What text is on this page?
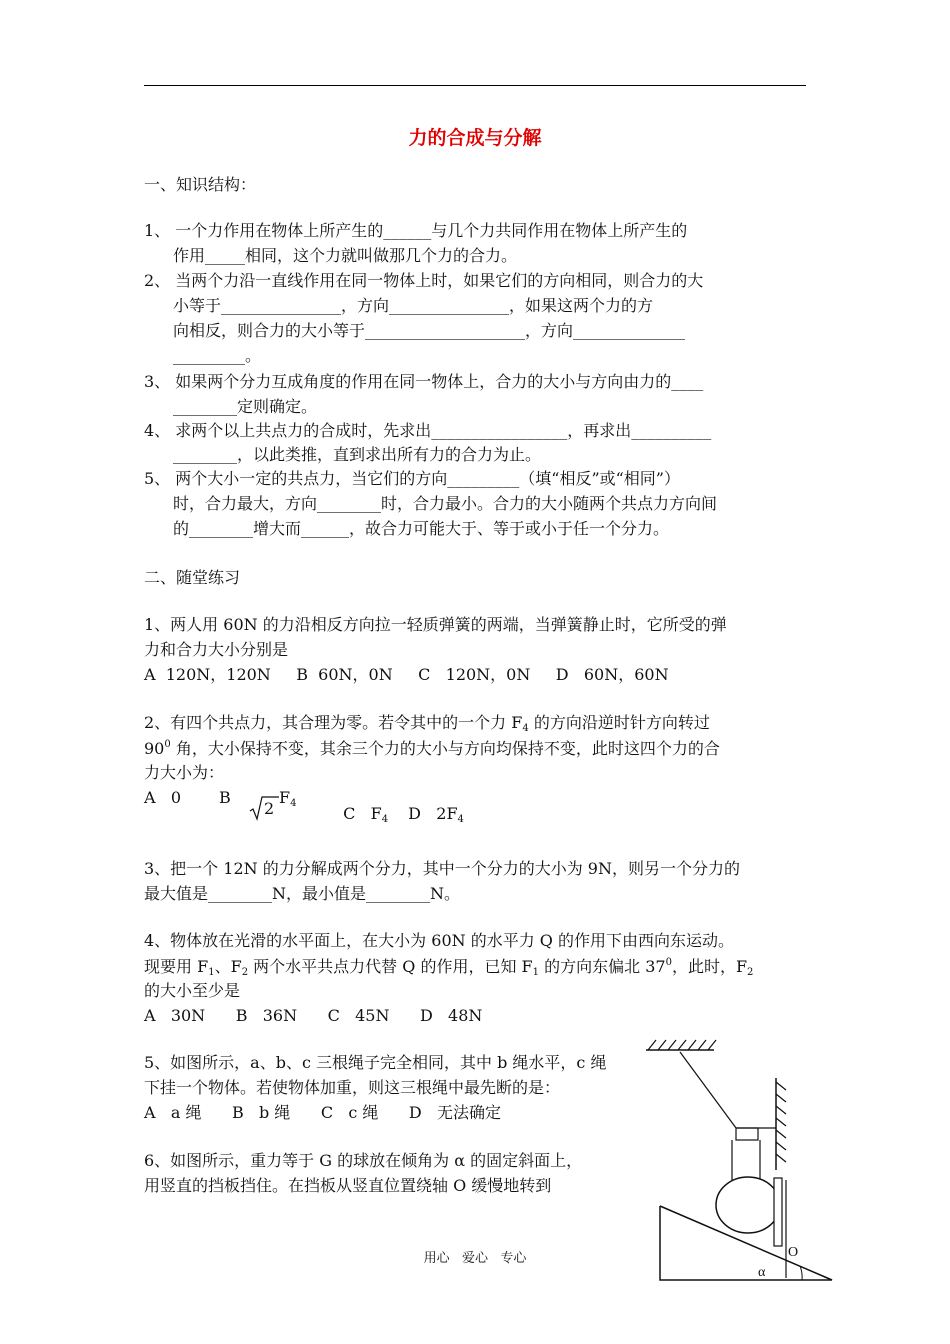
力的合成与分解
一、知识结构：
1、 一个力作用在物体上所产生的______与几个力共同作用在物体上所产生的
作用_____相同，这个力就叫做那几个力的合力。
2、 当两个力沿一直线作用在同一物体上时，如果它们的方向相同，则合力的大
小等于_______________，方向_______________，如果这两个力的方
向相反，则合力的大小等于____________________，方向______________
_________。
3、 如果两个分力互成角度的作用在同一物体上，合力的大小与方向由力的____
________定则确定。
4、 求两个以上共点力的合成时，先求出_________________，再求出__________
________，以此类推，直到求出所有力的合力为止。
5、 两个大小一定的共点力，当它们的方向_________（填“相反”或“相同”）
时，合力最大，方向________时，合力最小。合力的大小随两个共点力方向间
的________增大而______，故合力可能大于、等于或小于任一个分力。
二、随堂练习
1、两人用 60N 的力沿相反方向拉一轻质弹簧的两端，当弹簧静止时，它所受的弹
力和合力大小分别是
A  120N，120N     B  60N，0N     C   120N，0N     D   60N，60N
2、有四个共点力，其合理为零。若令其中的一个力 $F_4$ 的方向沿逆时针方向转过
$90^0$ 角，大小保持不变，其余三个力的大小与方向均保持不变，此时这四个力的合
力大小为：
A   0 B
2
$F_4$

C   $F_4$	D   $2F_4$

3、把一个 12N 的力分解成两个分力，其中一个分力的大小为 9N，则另一个分力的
最大值是________N，最小值是________N。
4、物体放在光滑的水平面上，在大小为 60N 的水平力 Q 的作用下由西向东运动。
现要用 $F_1$、$F_2$ 两个水平共点力代替 Q 的作用，已知 $F_1$ 的方向东偏北 $37^0$，此时，$F_2$
的大小至少是
A   30N      B   36N      C   45N      D   48N
5、如图所示，a、b、c 三根绳子完全相同，其中 b 绳水平，c 绳
下挂一个物体。若使物体加重，则这三根绳中最先断的是：
A   a 绳      B   b 绳      C   c 绳      D   无法确定
6、如图所示，重力等于 G 的球放在倾角为 α 的固定斜面上，
用竖直的挡板挡住。在挡板从竖直位置绕轴 O 缓慢地转到
O
α
用心   爱心   专心
